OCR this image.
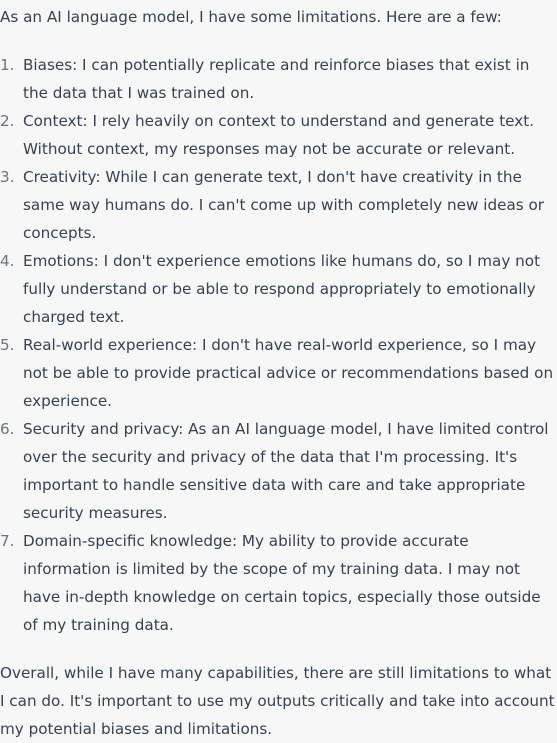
As an AI language model, I have some limitations. Here are a few:

1. Biases: I can potentially replicate and reinforce biases that exist in the data that I was trained on.
2. Context: I rely heavily on context to understand and generate text. Without context, my responses may not be accurate or relevant.
3. Creativity: While I can generate text, I don't have creativity in the same way humans do. I can't come up with completely new ideas or concepts.
4. Emotions: I don't experience emotions like humans do, so I may not fully understand or be able to respond appropriately to emotionally charged text.
5. Real-world experience: I don't have real-world experience, so I may not be able to provide practical advice or recommendations based on experience.
6. Security and privacy: As an AI language model, I have limited control over the security and privacy of the data that I'm processing. It's important to handle sensitive data with care and take appropriate security measures.
7. Domain-specific knowledge: My ability to provide accurate information is limited by the scope of my training data. I may not have in-depth knowledge on certain topics, especially those outside of my training data.

Overall, while I have many capabilities, there are still limitations to what I can do. It's important to use my outputs critically and take into account my potential biases and limitations.
